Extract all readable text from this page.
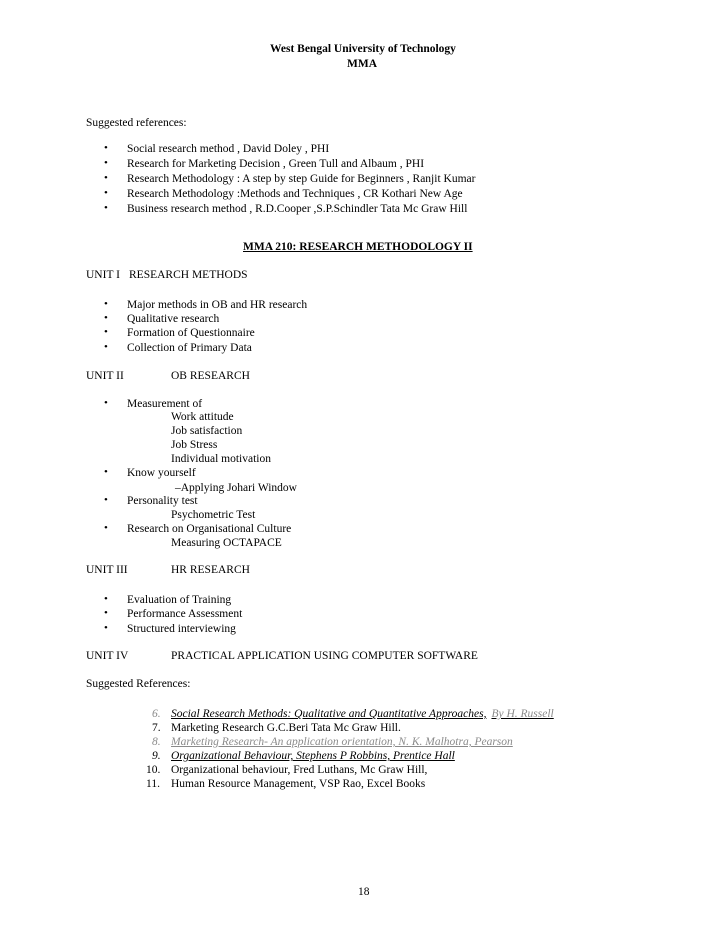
West Bengal University of Technology
MMA
Suggested references:
• Social research method , David Doley , PHI
• Research for Marketing Decision , Green Tull and Albaum , PHI
• Research Methodology : A step by step Guide for Beginners , Ranjit Kumar
• Research Methodology :Methods and Techniques , CR Kothari New Age
• Business research method , R.D.Cooper ,S.P.Schindler Tata Mc Graw Hill
MMA 210: RESEARCH METHODOLOGY II
UNIT I RESEARCH METHODS
• Major methods in OB and HR research
• Qualitative research
• Formation of Questionnaire
• Collection of Primary Data
UNIT II	OB RESEARCH
• Measurement of
Work attitude
Job satisfaction
Job Stress
Individual motivation
• Know yourself
–Applying Johari Window
• Personality test
Psychometric Test
• Research on Organisational Culture
Measuring OCTAPACE
UNIT III	HR RESEARCH
• Evaluation of Training
• Performance Assessment
• Structured interviewing
UNIT IV	PRACTICAL APPLICATION USING COMPUTER SOFTWARE
Suggested References:
6. Social Research Methods: Qualitative and Quantitative Approaches, By H. Russell
7. Marketing Research G.C.Beri Tata Mc Graw Hill.
8. Marketing Research- An application orientation, N. K. Malhotra, Pearson
9. Organizational Behaviour, Stephens P Robbins, Prentice Hall
10. Organizational behaviour, Fred Luthans, Mc Graw Hill,
11. Human Resource Management, VSP Rao, Excel Books
18
